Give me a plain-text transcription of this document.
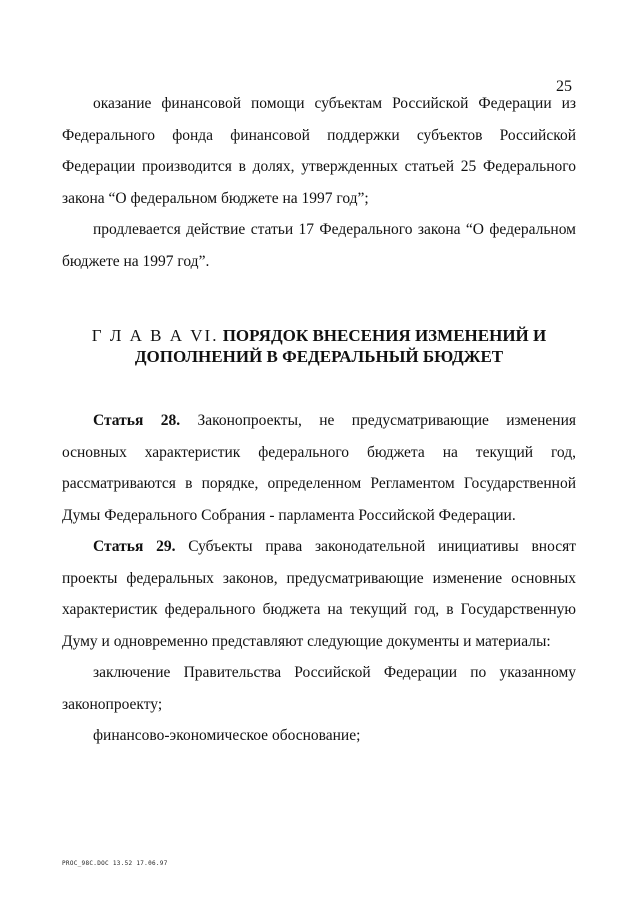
25

оказание финансовой помощи субъектам Российской Федерации из Федерального фонда финансовой поддержки субъектов Российской Федерации производится в долях, утвержденных статьей 25 Федерального закона “О федеральном бюджете на 1997 год”;

продлевается действие статьи 17 Федерального закона “О федеральном бюджете на 1997 год”.

Г Л А В А VI. ПОРЯДОК ВНЕСЕНИЯ ИЗМЕНЕНИЙ И
ДОПОЛНЕНИЙ В ФЕДЕРАЛЬНЫЙ БЮДЖЕТ

Статья 28. Законопроекты, не предусматривающие изменения основных характеристик федерального бюджета на текущий год, рассматриваются в порядке, определенном Регламентом Государственной Думы Федерального Собрания - парламента Российской Федерации.

Статья 29. Субъекты права законодательной инициативы вносят проекты федеральных законов, предусматривающие изменение основных характеристик федерального бюджета на текущий год, в Государственную Думу и одновременно представляют следующие документы и материалы:

заключение Правительства Российской Федерации по указанному законопроекту;

финансово-экономическое обоснование;

PROC_98C.DOC 13.52 17.06.97
